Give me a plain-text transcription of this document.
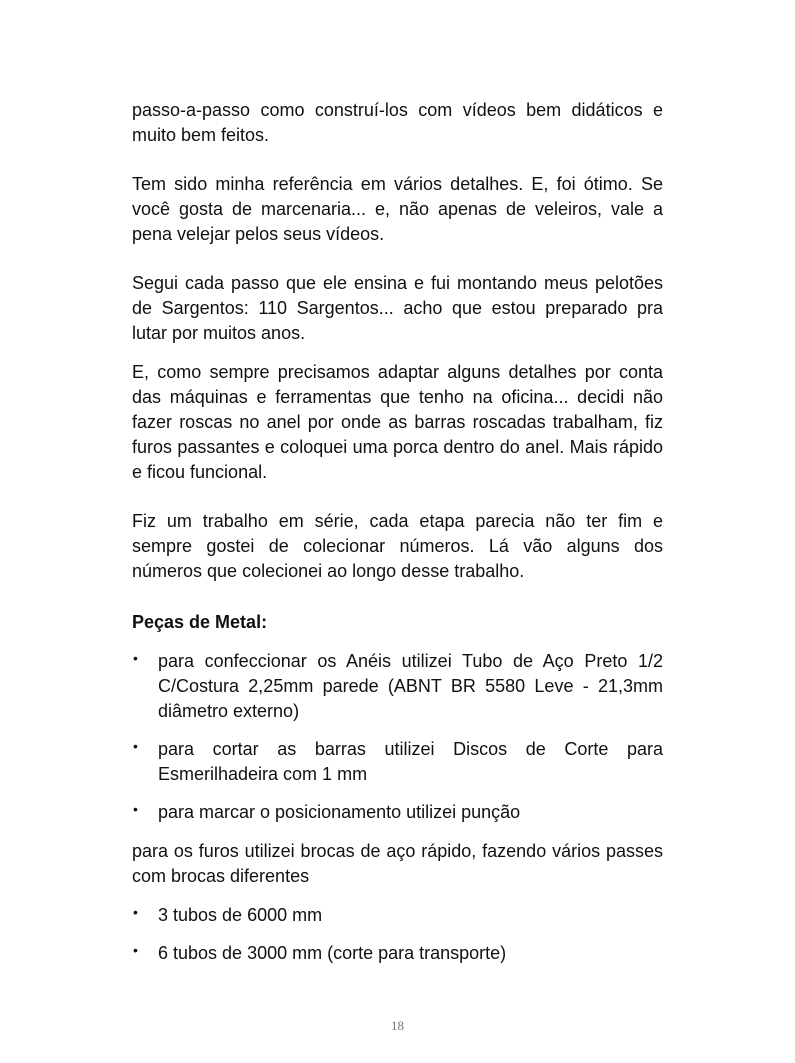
passo-a-passo como construí-los com vídeos bem didáticos e muito bem feitos.

Tem sido minha referência em vários detalhes. E, foi ótimo. Se você gosta de marcenaria... e, não apenas de veleiros, vale a pena velejar pelos seus vídeos.

Segui cada passo que ele ensina e fui montando meus pelotões de Sargentos: 110 Sargentos... acho que estou preparado pra lutar por muitos anos.

E, como sempre precisamos adaptar alguns detalhes por conta das máquinas e ferramentas que tenho na oficina... decidi não fazer roscas no anel por onde as barras roscadas trabalham, fiz furos passantes e coloquei uma porca dentro do anel. Mais rápido e ficou funcional.

Fiz um trabalho em série, cada etapa parecia não ter fim e sempre gostei de colecionar números. Lá vão alguns dos números que colecionei ao longo desse trabalho.

Peças de Metal:

• para confeccionar os Anéis utilizei Tubo de Aço Preto 1/2 C/Costura 2,25mm parede (ABNT BR 5580 Leve - 21,3mm diâmetro externo)
• para cortar as barras utilizei Discos de Corte para Esmerilhadeira com 1 mm
• para marcar o posicionamento utilizei punção

para os furos utilizei brocas de aço rápido, fazendo vários passes com brocas diferentes

• 3 tubos de 6000 mm
• 6 tubos de 3000 mm (corte para transporte)
18
